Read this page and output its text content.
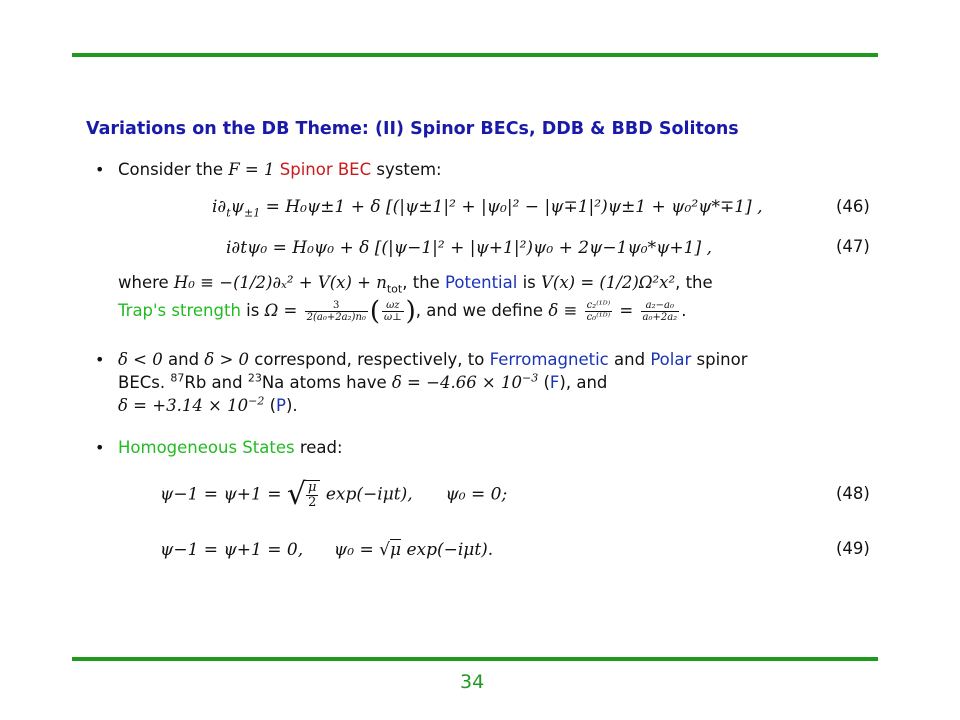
Variations on the DB Theme: (II) Spinor BECs, DDB & BBD Solitons
• Consider the F = 1 Spinor BEC system:
$i\partial_t\psi_{\pm 1} = H_0\psi\pm 1 + \delta$ [(|ψ±1|² + |ψ₀|² − |ψ∓1|²)ψ±1 + ψ₀²ψ*∓1] ,	(46)
i∂tψ₀ = H₀ψ₀ + δ [(|ψ−1|² + |ψ+1|²)ψ₀ + 2ψ−1ψ₀*ψ+1] ,	(47)
where $H_0 \equiv -(1/2)\partial_x^2 + V(x) + n_{tot}$, the Potential is V(x) = (1/2)Ω²x², the
Trap's strength is $\Omega = \frac{3}{\text{2(a₀+2a₂)n₀}}$ ( $\frac{\omega z}{\omega\perp}$ ), and we define $\delta \equiv \frac{\text{c₂⁽¹ᴰ⁾}}{\text{c₀⁽¹ᴰ⁾}} = \frac{\text{a₂−a₀}}{\text{a₀+2a₂}}$ .
• δ < 0 and δ > 0 correspond, respectively, to Ferromagnetic and Polar spinor
BECs. $^{87}$Rb and $^{23}$Na atoms have $\delta = -4.66 \times 10^{-3}$ (F), and
$\delta = +3.14 \times 10^{-2}$ (P).
• Homogeneous States read:
ψ−1 = ψ+1 = √ $\frac{\mu}{2} \exp(-i\mu t)$, ψ₀ = 0;	(48)
ψ−1 = ψ+1 = 0, ψ₀ = √μ exp(−iμt).	(49)
34
